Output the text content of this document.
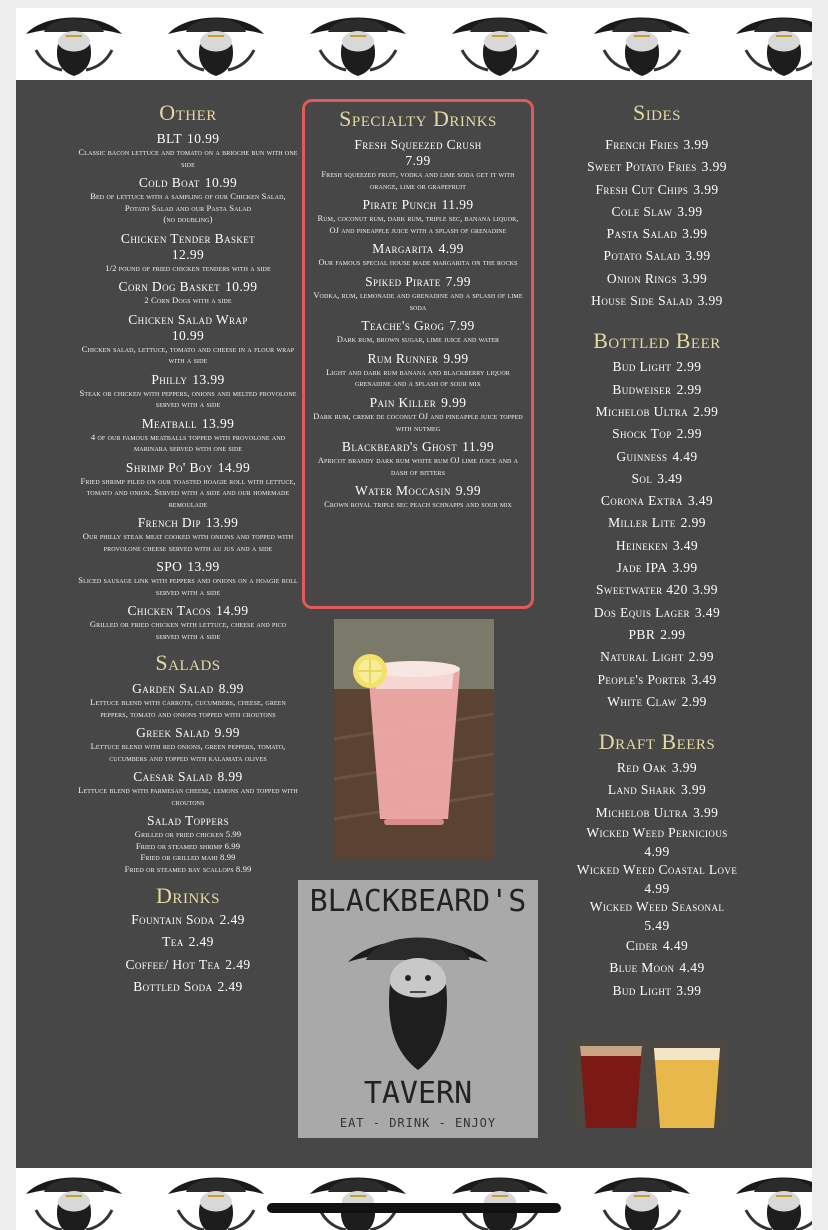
Other
BLT 10.99
Classic bacon lettuce and tomato on a brioche bun with one side
Cold Boat 10.99
Bed of lettuce with a sampling of our Chicken Salad, Potato Salad and our Pasta Salad
(no doubling)
Chicken Tender Basket
12.99
1/2 pound of fried chicken tenders with a side
Corn Dog Basket 10.99
2 Corn Dogs with a side
Chicken Salad Wrap
10.99
Chicken salad, lettuce, tomato and cheese in a flour wrap with a side
Philly 13.99
Steak or chicken with peppers, onions and melted provolone served with a side
Meatball 13.99
4 of our famous meatballs topped with provolone and marinara served with one side
Shrimp Po' Boy 14.99
Fried shrimp piled on our toasted hoagie roll with lettuce, tomato and onion. Served with a side and our homemade remoulade
French Dip 13.99
Our philly steak meat cooked with onions and topped with provolone cheese served with au jus and a side
SPO 13.99
Sliced sausage link with peppers and onions on a hoagie roll served with a side
Chicken Tacos 14.99
Grilled or fried chicken with lettuce, cheese and pico served with a side
Salads
Garden Salad 8.99
Lettuce blend with carrots, cucumbers, cheese, green peppers, tomato and onions topped with croutons
Greek Salad 9.99
Lettuce blend with red onions, green peppers, tomato, cucumbers and topped with kalamata olives
Caesar Salad 8.99
Lettuce blend with parmesan cheese, lemons and topped with croutons
Salad Toppers
Grilled or fried chicken 5.99
Fried or steamed shrimp 6.99
Fried or grilled mahi 8.99
Fried or steamed bay scallops 8.99
Drinks
Fountain Soda 2.49
Tea 2.49
Coffee/ Hot Tea 2.49
Bottled Soda 2.49
Specialty Drinks
Fresh Squeezed Crush
7.99
Fresh squeezed fruit, vodka and lime soda get it with orange, lime or grapefruit
Pirate Punch 11.99
Rum, coconut rum, dark rum, triple sec, banana liquor, OJ and pineapple juice with a splash of grenadine
Margarita 4.99
Our famous special house made margarita on the rocks
Spiked Pirate 7.99
Vodka, rum, lemonade and grenadine and a splash of lime soda
Teache's Grog 7.99
Dark rum, brown sugar, lime juice and water
Rum Runner 9.99
Light and dark rum banana and blackberry liquor grenadine and a splash of sour mix
Pain Killer 9.99
Dark rum, creme de coconut OJ and pineapple juice topped with nutmeg
Blackbeard's Ghost 11.99
Apricot brandy dark rum white rum OJ lime juice and a dash of bitters
Water Moccasin 9.99
Crown royal triple sec peach schnapps and sour mix
BLACKBEARD'S
TAVERN
EAT - DRINK - ENJOY
Sides
French Fries 3.99
Sweet Potato Fries 3.99
Fresh Cut Chips 3.99
Cole Slaw 3.99
Pasta Salad 3.99
Potato Salad 3.99
Onion Rings 3.99
House Side Salad 3.99
Bottled Beer
Bud Light 2.99
Budweiser 2.99
Michelob Ultra 2.99
Shock Top 2.99
Guinness 4.49
Sol 3.49
Corona Extra 3.49
Miller Lite 2.99
Heineken 3.49
Jade IPA 3.99
Sweetwater 420 3.99
Dos Equis Lager 3.49
PBR 2.99
Natural Light 2.99
People's Porter 3.49
White Claw 2.99
Draft Beers
Red Oak 3.99
Land Shark 3.99
Michelob Ultra 3.99
Wicked Weed Pernicious
4.99
Wicked Weed Coastal Love
4.99
Wicked Weed Seasonal
5.49
Cider 4.49
Blue Moon 4.49
Bud Light 3.99
